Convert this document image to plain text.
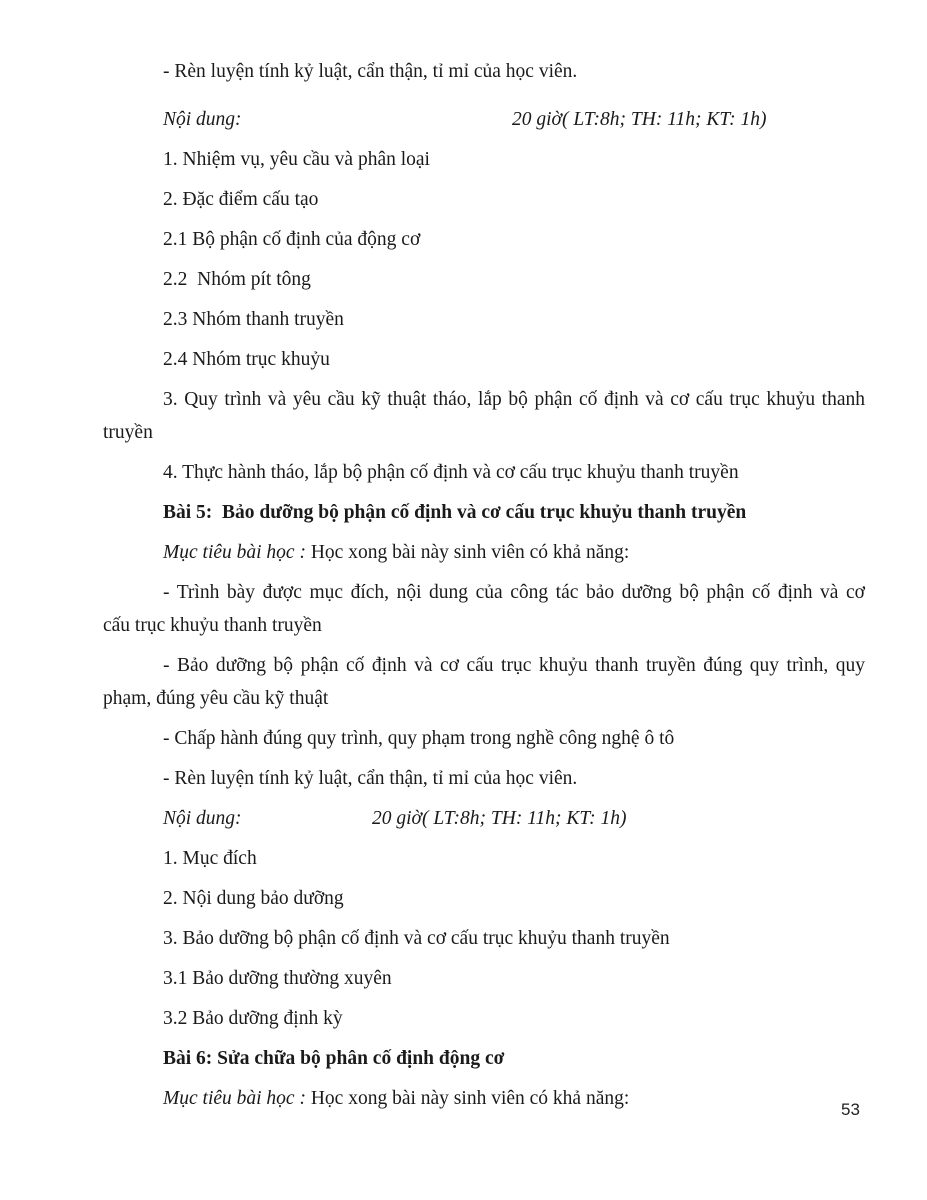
- Rèn luyện tính kỷ luật, cẩn thận, tỉ mỉ của học viên.
Nội dung:	20 giờ( LT:8h; TH: 11h; KT: 1h)
1. Nhiệm vụ, yêu cầu và phân loại
2. Đặc điểm cấu tạo
2.1 Bộ phận cố định của động cơ
2.2  Nhóm pít tông
2.3 Nhóm thanh truyền
2.4 Nhóm trục khuỷu
3. Quy trình và yêu cầu kỹ thuật tháo, lắp bộ phận cố định và cơ cấu trục khuỷu thanh
truyền
4. Thực hành tháo, lắp bộ phận cố định và cơ cấu trục khuỷu thanh truyền
Bài 5:  Bảo dưỡng bộ phận cố định và cơ cấu trục khuỷu thanh truyền
Mục tiêu bài học : Học xong bài này sinh viên có khả năng:
- Trình bày được mục đích, nội dung của công tác bảo dưỡng bộ phận cố định và cơ
cấu trục khuỷu thanh truyền
- Bảo dưỡng bộ phận cố định và cơ cấu trục khuỷu thanh truyền đúng quy trình, quy
phạm, đúng yêu cầu kỹ thuật
- Chấp hành đúng quy trình, quy phạm trong nghề công nghệ ô tô
- Rèn luyện tính kỷ luật, cẩn thận, tỉ mỉ của học viên.
Nội dung:	20 giờ( LT:8h; TH: 11h; KT: 1h)
1. Mục đích
2. Nội dung bảo dưỡng
3. Bảo dưỡng bộ phận cố định và cơ cấu trục khuỷu thanh truyền
3.1 Bảo dưỡng thường xuyên
3.2 Bảo dưỡng định kỳ
Bài 6: Sửa chữa bộ phân cố định động cơ
Mục tiêu bài học : Học xong bài này sinh viên có khả năng:
53
